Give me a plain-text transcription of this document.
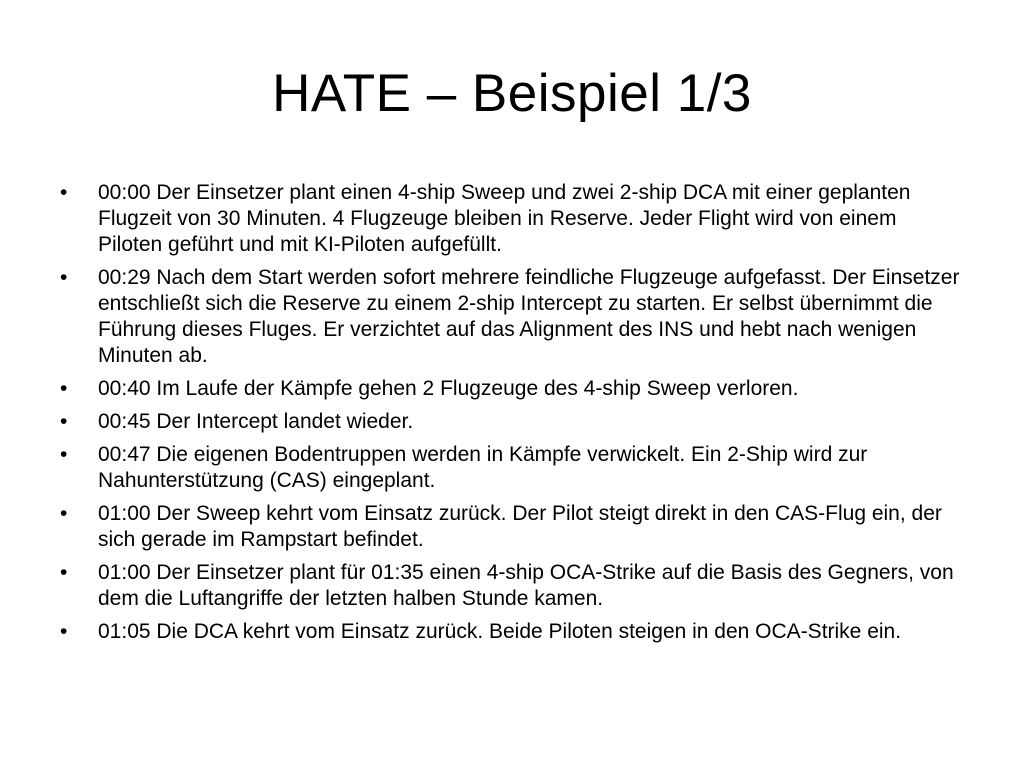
HATE – Beispiel 1/3
•	00:00 Der Einsetzer plant einen 4-ship Sweep und zwei 2-ship DCA mit einer geplanten Flugzeit von 30 Minuten. 4 Flugzeuge bleiben in Reserve. Jeder Flight wird von einem Piloten geführt und mit KI-Piloten aufgefüllt.
•	00:29 Nach dem Start werden sofort mehrere feindliche Flugzeuge aufgefasst. Der Einsetzer entschließt sich die Reserve zu einem 2-ship Intercept zu starten. Er selbst übernimmt die Führung dieses Fluges. Er verzichtet auf das Alignment des INS und hebt nach wenigen Minuten ab.
•	00:40 Im Laufe der Kämpfe gehen 2 Flugzeuge des 4-ship Sweep verloren.
•	00:45 Der Intercept landet wieder.
•	00:47 Die eigenen Bodentruppen werden in Kämpfe verwickelt. Ein 2-Ship wird zur Nahunterstützung (CAS) eingeplant.
•	01:00 Der Sweep kehrt vom Einsatz zurück. Der Pilot steigt direkt in den CAS-Flug ein, der sich gerade im Rampstart befindet.
•	01:00 Der Einsetzer plant für 01:35 einen 4-ship OCA-Strike auf die Basis des Gegners, von dem die Luftangriffe der letzten halben Stunde kamen.
•	01:05 Die DCA kehrt vom Einsatz zurück. Beide Piloten steigen in den OCA-Strike ein.
